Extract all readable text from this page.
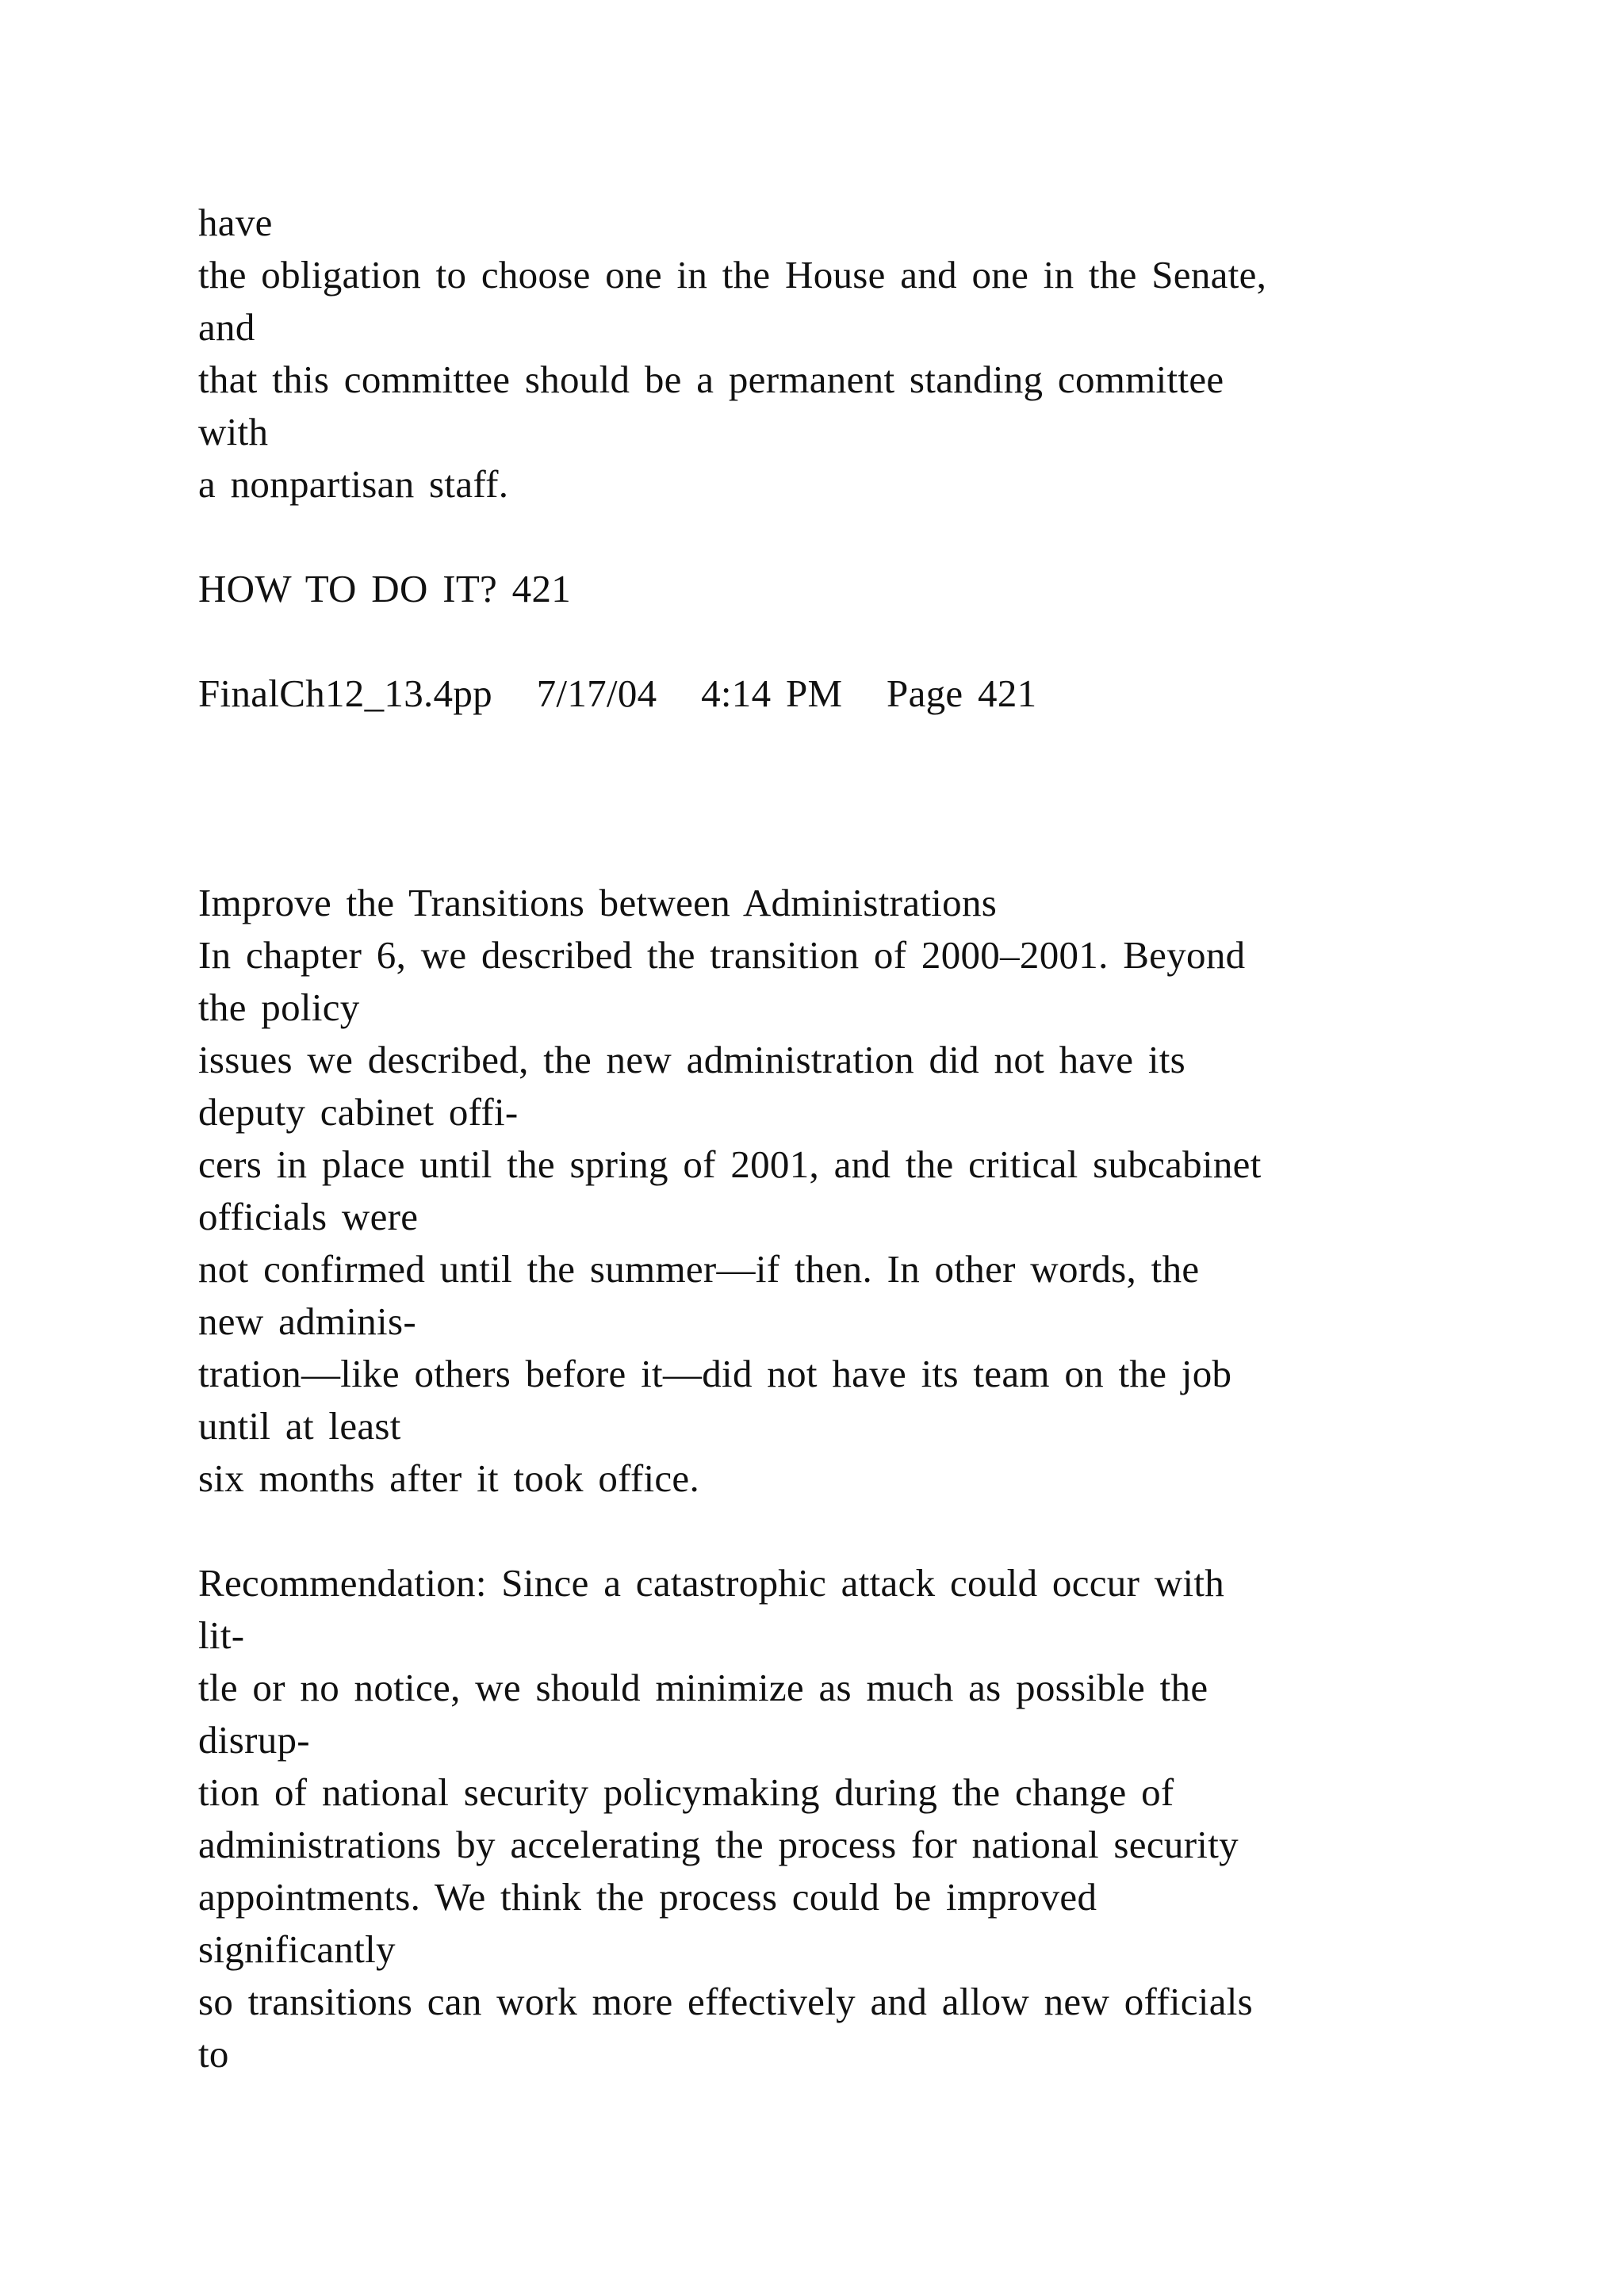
have

the obligation to choose one in the House and one in the Senate,

and

that this committee should be a permanent standing committee

with

a nonpartisan staff.

HOW TO DO IT? 421

FinalCh12_13.4pp   7/17/04   4:14 PM   Page 421

Improve the Transitions between Administrations

In chapter 6, we described the transition of 2000–2001. Beyond

the policy

issues we described, the new administration did not have its

deputy cabinet offi-

cers in place until the spring of 2001, and the critical subcabinet

officials were

not confirmed until the summer—if then. In other words, the

new adminis-

tration—like others before it—did not have its team on the job

until at least

six months after it took office.

Recommendation: Since a catastrophic attack could occur with

lit-

tle or no notice, we should minimize as much as possible the

disrup-

tion of national security policymaking during the change of

administrations by accelerating the process for national security

appointments. We think the process could be improved

significantly

so transitions can work more effectively and allow new officials

to
